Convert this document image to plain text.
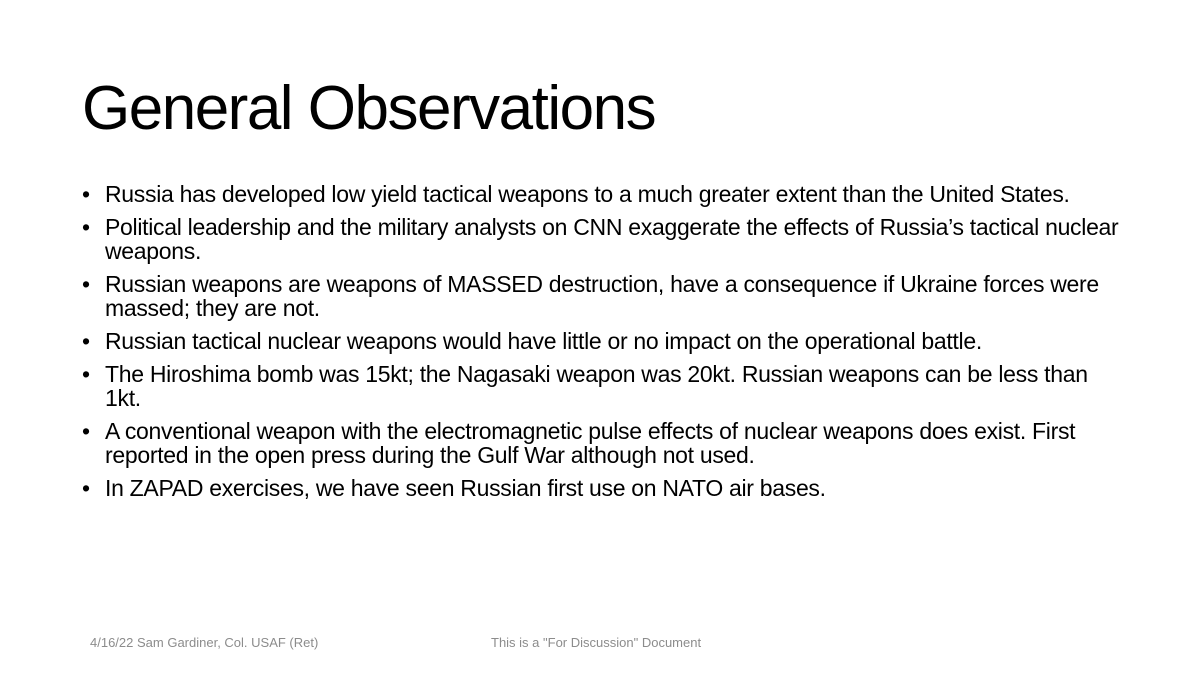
General Observations
• Russia has developed low yield tactical weapons to a much greater extent than the United States.
• Political leadership and the military analysts on CNN exaggerate the effects of Russia’s tactical nuclear weapons.
• Russian weapons are weapons of MASSED destruction, have a consequence if Ukraine forces were massed; they are not.
• Russian tactical nuclear weapons would have little or no impact on the operational battle.
• The Hiroshima bomb was 15kt; the Nagasaki weapon was 20kt. Russian weapons can be less than 1kt.
• A conventional weapon with the electromagnetic pulse effects of nuclear weapons does exist. First reported in the open press during the Gulf War although not used.
• In ZAPAD exercises, we have seen Russian first use on NATO air bases.
4/16/22 Sam Gardiner, Col. USAF (Ret)	This is a "For Discussion" Document
